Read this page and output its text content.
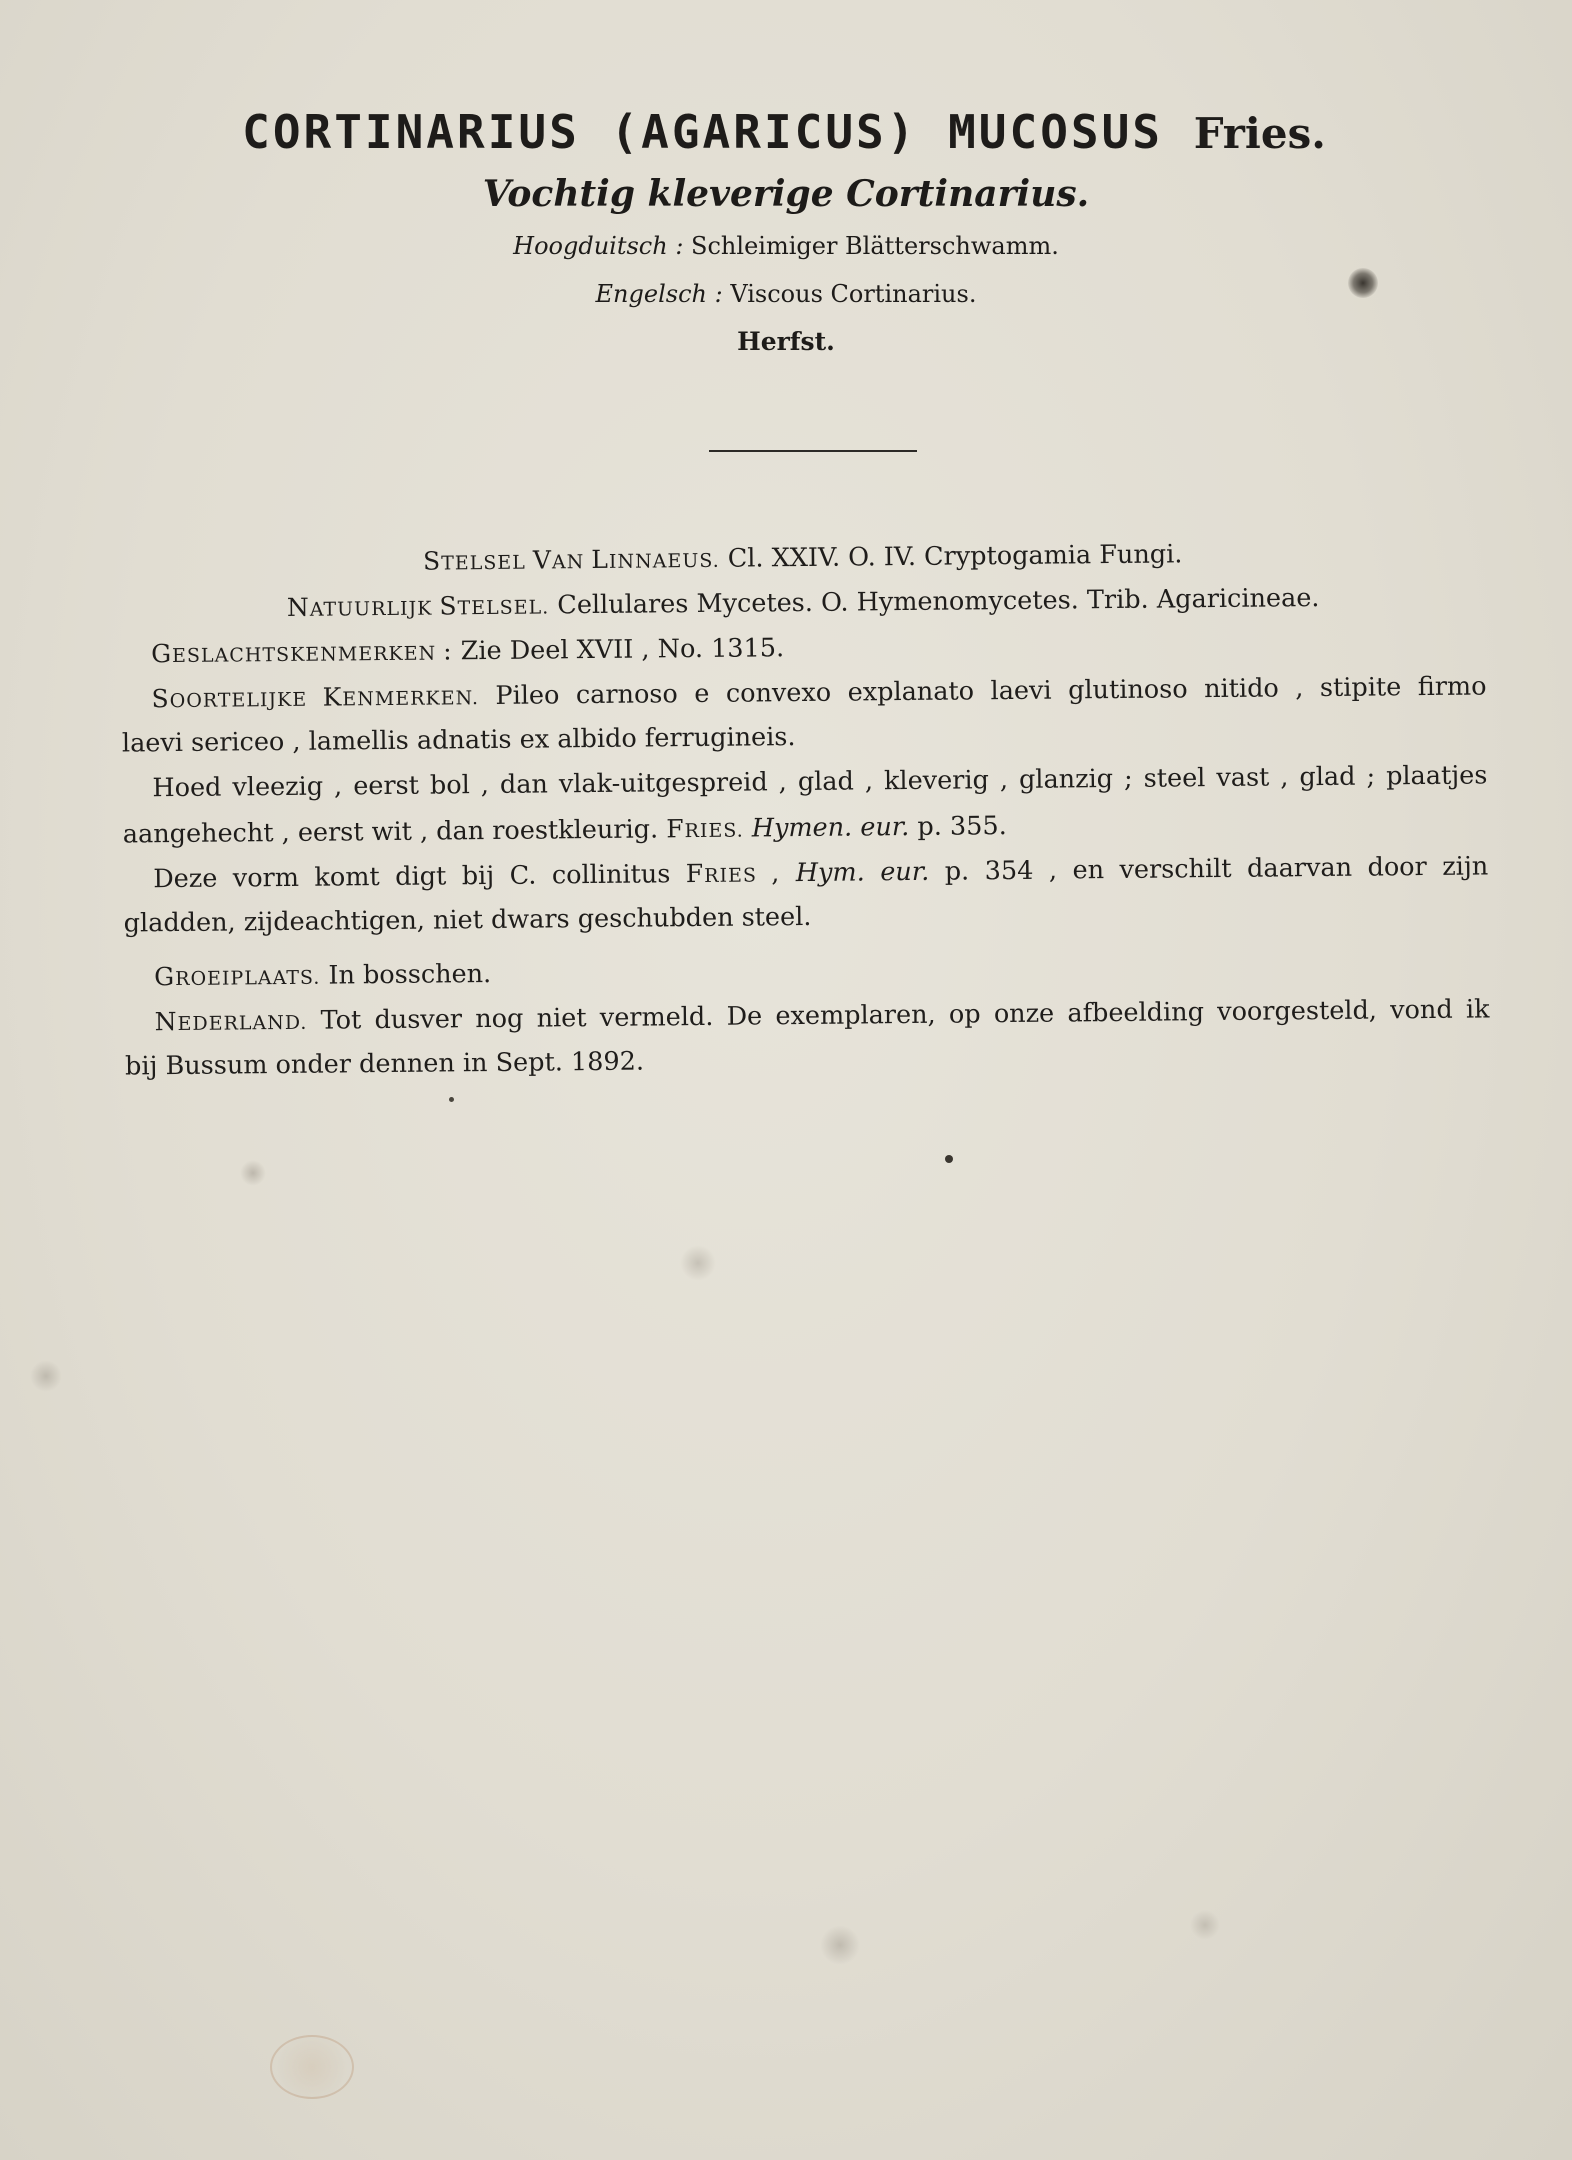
CORTINARIUS (AGARICUS) MUCOSUS Fries.
Vochtig kleverige Cortinarius.
Hoogduitsch : Schleimiger Blätterschwamm.
Engelsch : Viscous Cortinarius.
Herfst.
STELSEL VAN LINNAEUS. Cl. XXIV. O. IV. Cryptogamia Fungi.
NATUURLIJK STELSEL. Cellulares Mycetes. O. Hymenomycetes. Trib. Agaricineae.
GESLACHTSKENMERKEN : Zie Deel XVII , No. 1315.
SOORTELIJKE KENMERKEN. Pileo carnoso e convexo explanato laevi glutinoso nitido , stipite firmo
laevi sericeo , lamellis adnatis ex albido ferrugineis.
Hoed vleezig , eerst bol , dan vlak-uitgespreid , glad , kleverig , glanzig ; steel vast , glad ; plaatjes
aangehecht , eerst wit , dan roestkleurig. FRIES. Hymen. eur. p. 355.
Deze vorm komt digt bij C. collinitus FRIES , Hym. eur. p. 354 , en verschilt daarvan door zijn
gladden, zijdeachtigen, niet dwars geschubden steel.
GROEIPLAATS. In bosschen.
NEDERLAND. Tot dusver nog niet vermeld. De exemplaren, op onze afbeelding voorgesteld, vond ik
bij Bussum onder dennen in Sept. 1892.
